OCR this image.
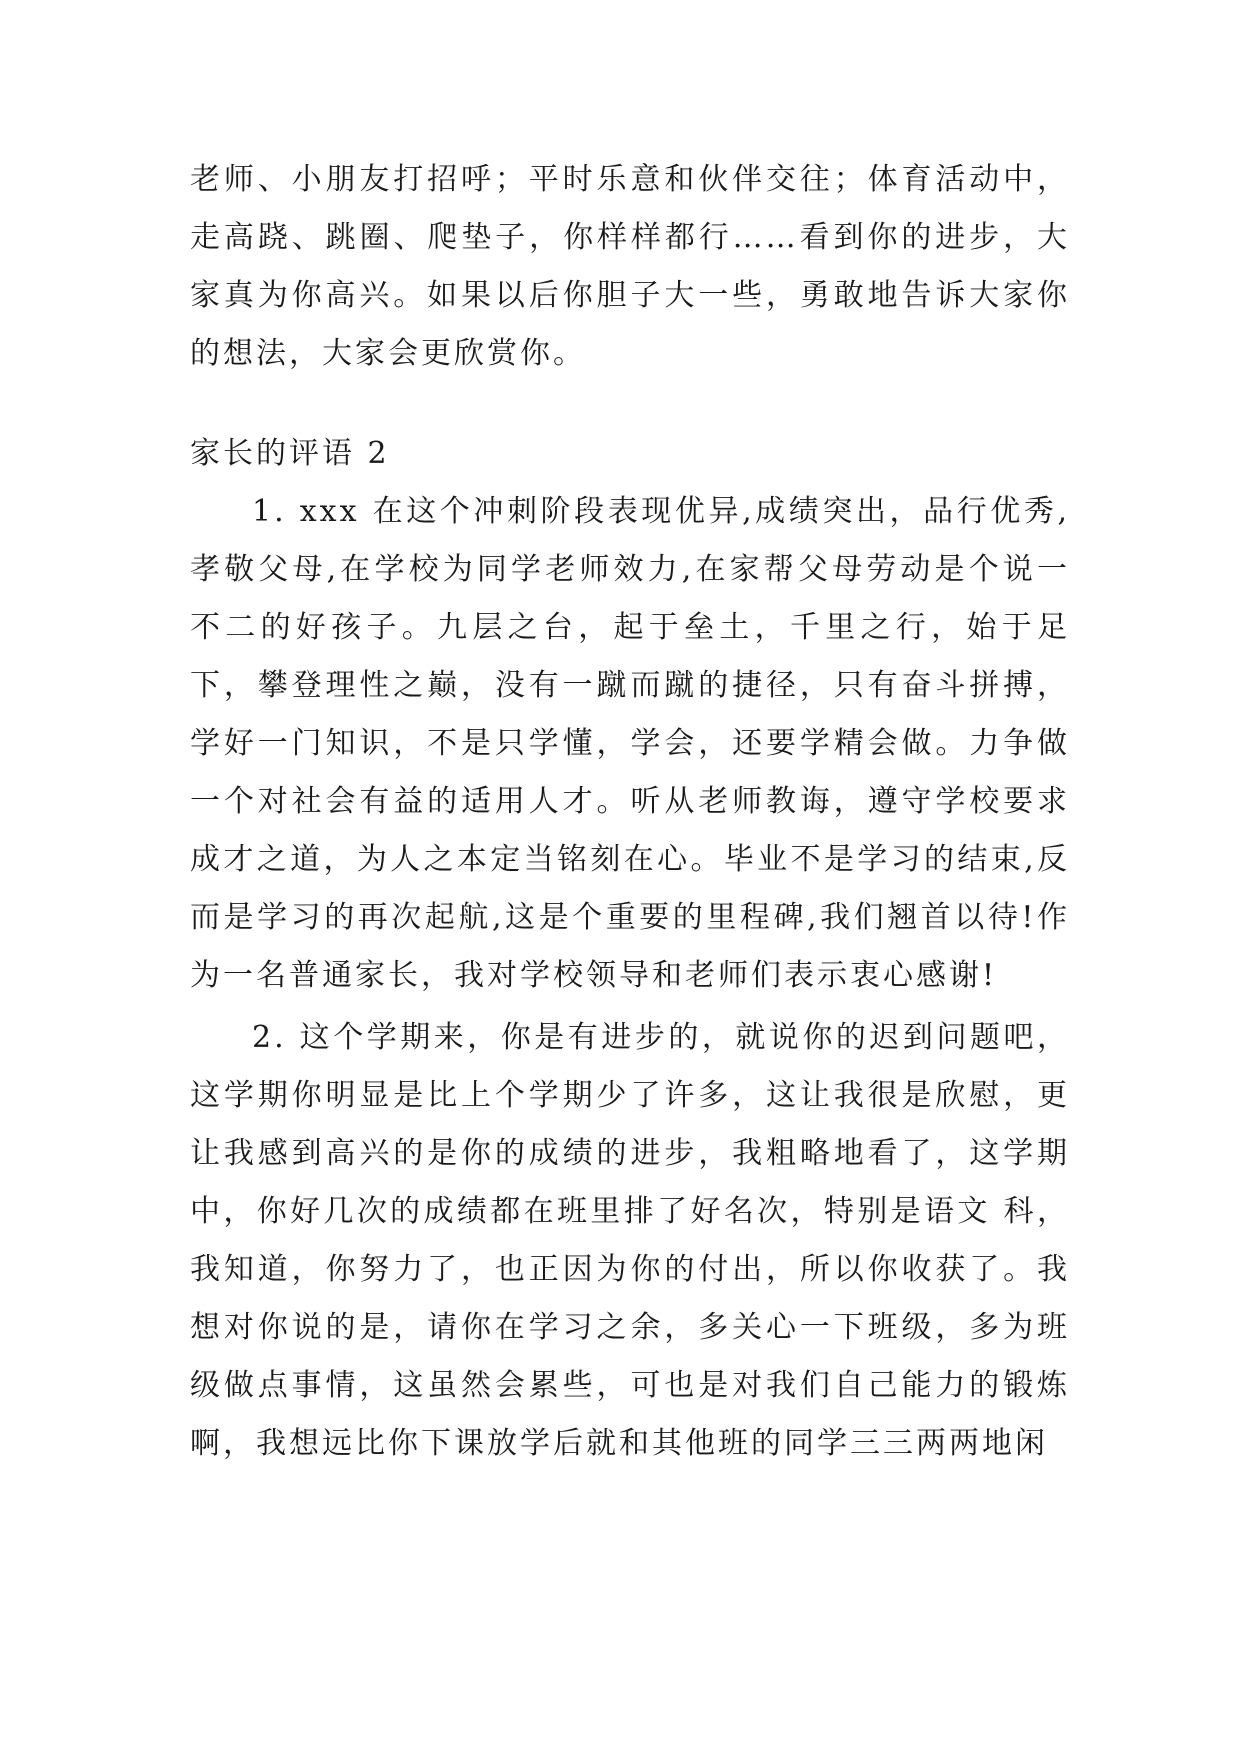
老师、小朋友打招呼；平时乐意和伙伴交往；体育活动中，走高跷、跳圈、爬垫子，你样样都行……看到你的进步，大家真为你高兴。如果以后你胆子大一些，勇敢地告诉大家你的想法，大家会更欣赏你。

家长的评语 2

1. xxx 在这个冲刺阶段表现优异,成绩突出，品行优秀,孝敬父母,在学校为同学老师效力,在家帮父母劳动是个说一不二的好孩子。九层之台，起于垒土，千里之行，始于足下，攀登理性之巅，没有一蹴而蹴的捷径，只有奋斗拼搏，学好一门知识，不是只学懂，学会，还要学精会做。力争做一个对社会有益的适用人才。听从老师教诲，遵守学校要求成才之道，为人之本定当铭刻在心。毕业不是学习的结束,反而是学习的再次起航,这是个重要的里程碑,我们翘首以待!作为一名普通家长，我对学校领导和老师们表示衷心感谢!

2. 这个学期来，你是有进步的，就说你的迟到问题吧，这学期你明显是比上个学期少了许多，这让我很是欣慰，更让我感到高兴的是你的成绩的进步，我粗略地看了，这学期中，你好几次的成绩都在班里排了好名次，特别是语文 科，我知道，你努力了，也正因为你的付出，所以你收获了。我想对你说的是，请你在学习之余，多关心一下班级，多为班级做点事情，这虽然会累些，可也是对我们自己能力的锻炼啊，我想远比你下课放学后就和其他班的同学三三两两地闲
